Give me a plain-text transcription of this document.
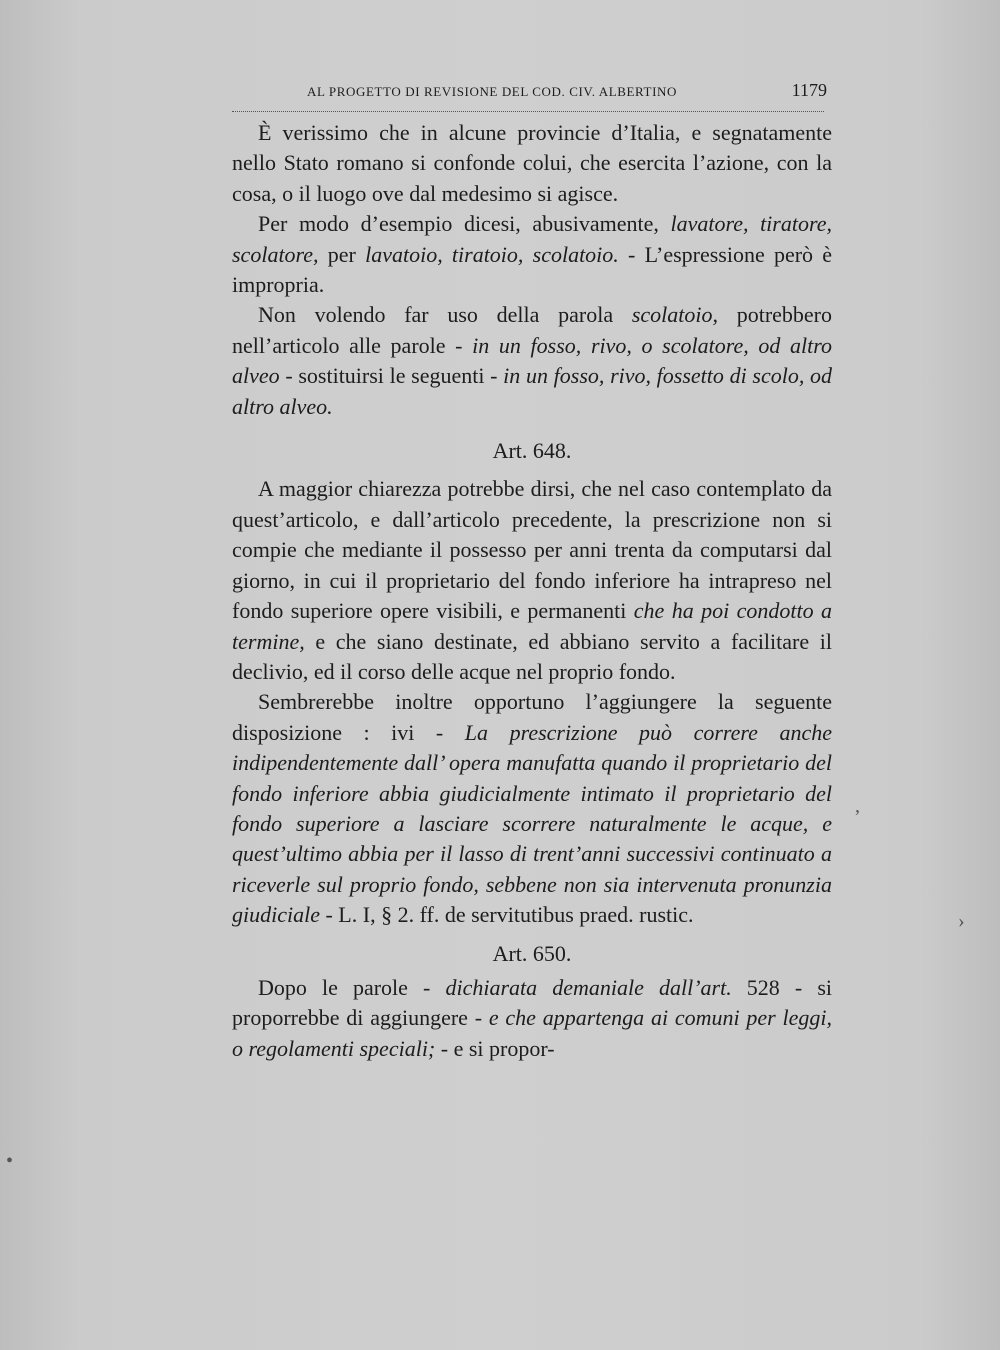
AL PROGETTO DI REVISIONE DEL COD. CIV. ALBERTINO	1179

È verissimo che in alcune provincie d’Italia, e segnatamente nello Stato romano si confonde colui, che esercita l’azione, con la cosa, o il luogo ove dal medesimo si agisce.

Per modo d’esempio dicesi, abusivamente, lavatore, tiratore, scolatore, per lavatoio, tiratoio, scolatoio. - L’espressione però è impropria.

Non volendo far uso della parola scolatoio, potrebbero nell’articolo alle parole - in un fosso, rivo, o scolatore, od altro alveo - sostituirsi le seguenti - in un fosso, rivo, fossetto di scolo, od altro alveo.

Art. 648.

A maggior chiarezza potrebbe dirsi, che nel caso contemplato da quest’articolo, e dall’articolo precedente, la prescrizione non si compie che mediante il possesso per anni trenta da computarsi dal giorno, in cui il proprietario del fondo inferiore ha intrapreso nel fondo superiore opere visibili, e permanenti che ha poi condotto a termine, e che siano destinate, ed abbiano servito a facilitare il declivio, ed il corso delle acque nel proprio fondo.

Sembrerebbe inoltre opportuno l’aggiungere la seguente disposizione : ivi - La prescrizione può correre anche indipendentemente dall’ opera manufatta quando il proprietario del fondo inferiore abbia giudicialmente intimato il proprietario del fondo superiore a lasciare scorrere naturalmente le acque, e quest’ultimo abbia per il lasso di trent’anni successivi continuato a riceverle sul proprio fondo, sebbene non sia intervenuta pronunzia giudiciale - L. I, § 2. ff. de servitutibus praed. rustic.

Art. 650.

Dopo le parole - dichiarata demaniale dall’art. 528 - si proporrebbe di aggiungere - e che appartenga ai comuni per leggi, o regolamenti speciali; - e si propor-

,
›
•
